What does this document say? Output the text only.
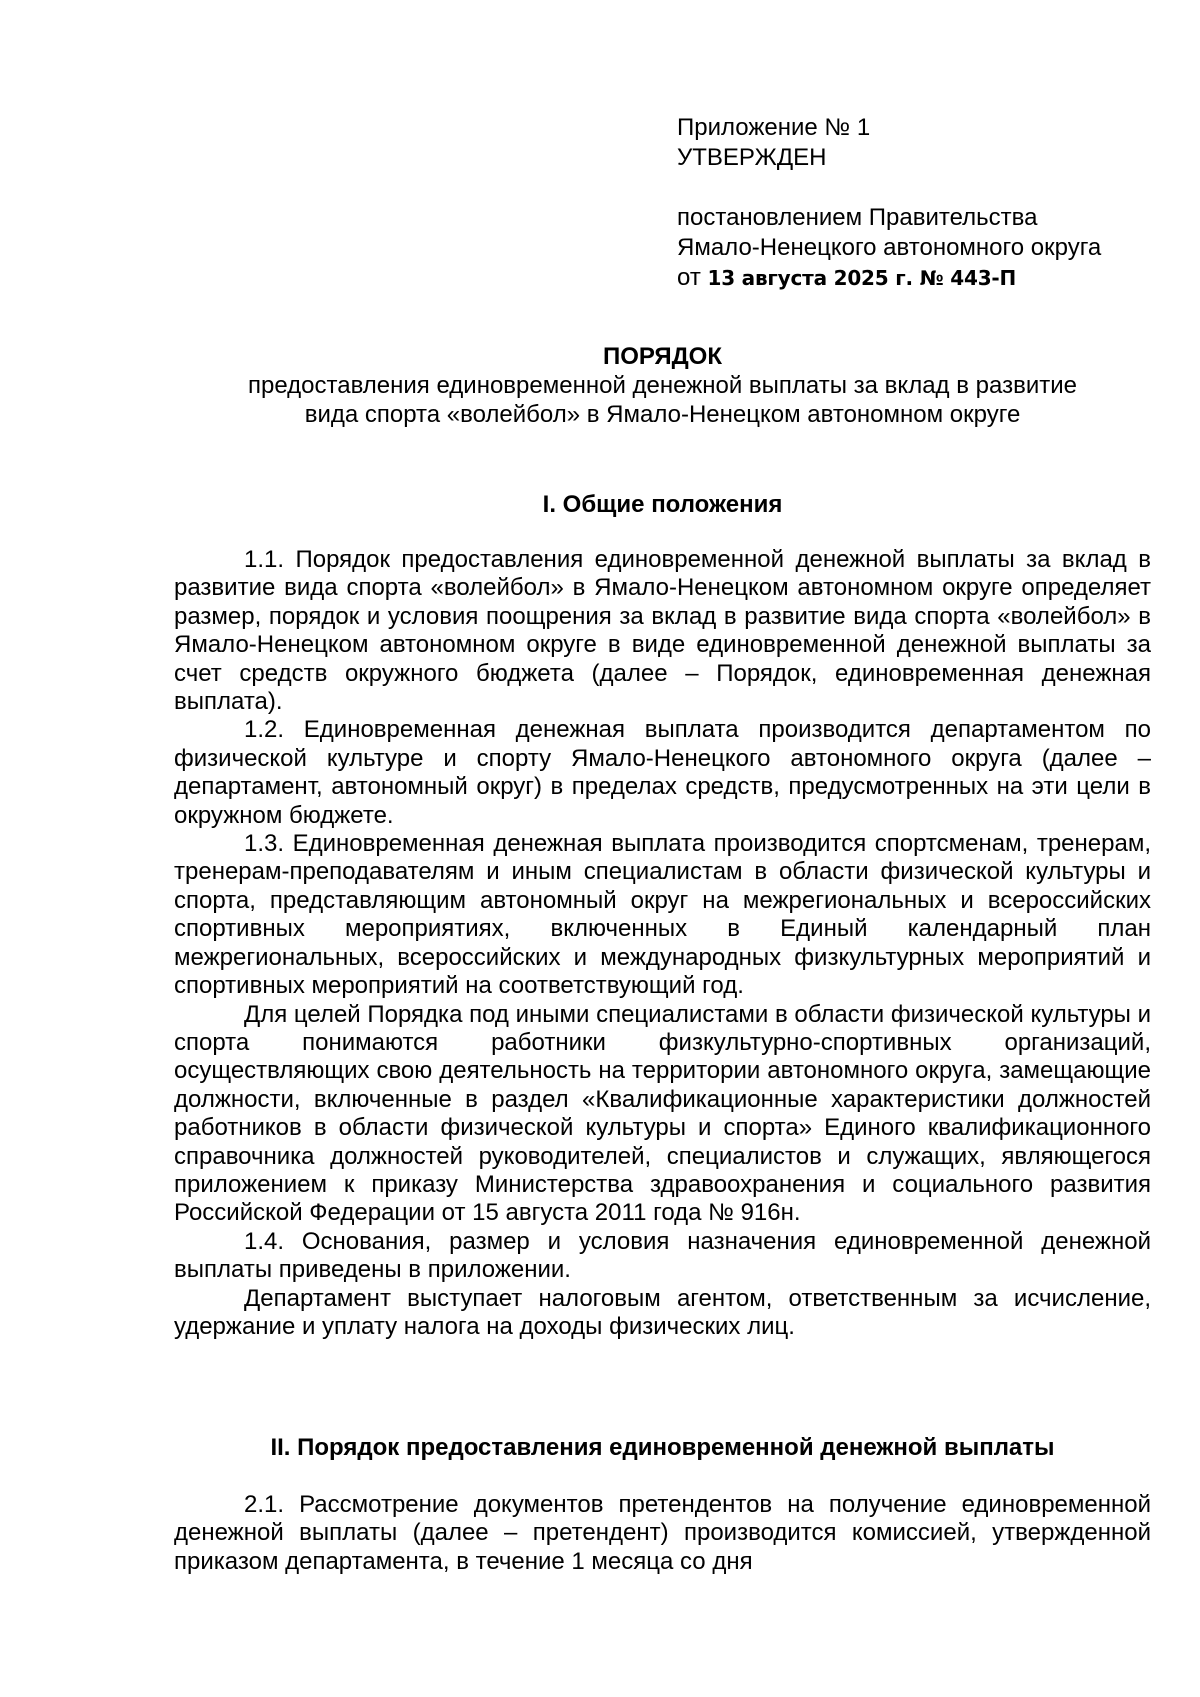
Приложение № 1
УТВЕРЖДЕН
постановлением Правительства
Ямало-Ненецкого автономного округа
от 13 августа 2025 г. № 443-П
ПОРЯДОК
предоставления единовременной денежной выплаты за вклад в развитие
вида спорта «волейбол» в Ямало-Ненецком автономном округе
I. Общие положения

1.1. Порядок предоставления единовременной денежной выплаты за вклад в развитие вида спорта «волейбол» в Ямало-Ненецком автономном округе определяет размер, порядок и условия поощрения за вклад в развитие вида спорта «волейбол» в Ямало-Ненецком автономном округе в виде единовременной денежной выплаты за счет средств окружного бюджета (далее – Порядок, единовременная денежная выплата).

1.2. Единовременная денежная выплата производится департаментом по физической культуре и спорту Ямало-Ненецкого автономного округа (далее – департамент, автономный округ) в пределах средств, предусмотренных на эти цели в окружном бюджете.

1.3. Единовременная денежная выплата производится спортсменам, тренерам, тренерам-преподавателям и иным специалистам в области физической культуры и спорта, представляющим автономный округ на межрегиональных и всероссийских спортивных мероприятиях, включенных в Единый календарный план межрегиональных, всероссийских и международных физкультурных мероприятий и спортивных мероприятий на соответствующий год.

Для целей Порядка под иными специалистами в области физической культуры и спорта понимаются работники физкультурно-спортивных организаций, осуществляющих свою деятельность на территории автономного округа, замещающие должности, включенные в раздел «Квалификационные характеристики должностей работников в области физической культуры и спорта» Единого квалификационного справочника должностей руководителей, специалистов и служащих, являющегося приложением к приказу Министерства здравоохранения и социального развития Российской Федерации от 15 августа 2011 года № 916н.

1.4. Основания, размер и условия назначения единовременной денежной выплаты приведены в приложении.

Департамент выступает налоговым агентом, ответственным за исчисление, удержание и уплату налога на доходы физических лиц.

II. Порядок предоставления единовременной денежной выплаты

2.1. Рассмотрение документов претендентов на получение единовременной денежной выплаты (далее – претендент) производится комиссией, утвержденной приказом департамента, в течение 1 месяца со дня
